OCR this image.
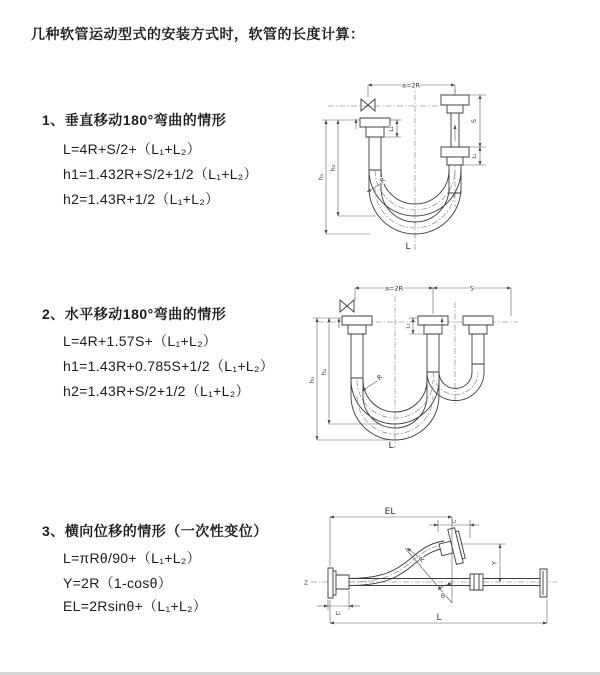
几种软管运动型式的安装方式时，软管的长度计算：
1、垂直移动180°弯曲的情形
L=4R+S/2+（L₁+L₂）
h1=1.432R+S/2+1/2（L₁+L₂）
h2=1.43R+1/2（L₁+L₂）
2、水平移动180°弯曲的情形
L=4R+1.57S+（L₁+L₂）
h1=1.43R+0.785S+1/2（L₁+L₂）
h2=1.43R+S/2+1/2（L₁+L₂）
3、横向位移的情形（一次性变位）
L=πRθ/90+（L₁+L₂）
Y=2R（1-cosθ）
EL=2Rsinθ+（L₁+L₂）
a=2R
h₁
h₂
L₂
S
L₁
R
L
a=2R	S
h₁
h₂
L₁
R
L
Z
EL
L₁
θ
R	Y
L₂	L
